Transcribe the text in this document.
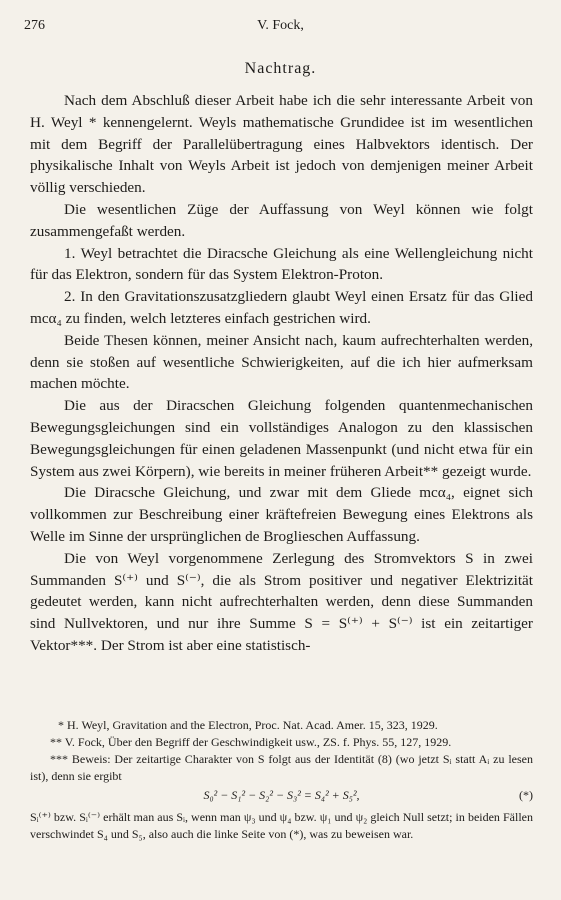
276	V. Fock,
Nachtrag.

Nach dem Abschluß dieser Arbeit habe ich die sehr interessante Arbeit von H. Weyl * kennengelernt. Weyls mathematische Grundidee ist im wesentlichen mit dem Begriff der Parallelübertragung eines Halbvektors identisch. Der physikalische Inhalt von Weyls Arbeit ist jedoch von demjenigen meiner Arbeit völlig verschieden.

Die wesentlichen Züge der Auffassung von Weyl können wie folgt zusammengefaßt werden.

1. Weyl betrachtet die Diracsche Gleichung als eine Wellengleichung nicht für das Elektron, sondern für das System Elektron-Proton.

2. In den Gravitationszusatzgliedern glaubt Weyl einen Ersatz für das Glied mcα₄ zu finden, welch letzteres einfach gestrichen wird.

Beide Thesen können, meiner Ansicht nach, kaum aufrechterhalten werden, denn sie stoßen auf wesentliche Schwierigkeiten, auf die ich hier aufmerksam machen möchte.

Die aus der Diracschen Gleichung folgenden quantenmechanischen Bewegungsgleichungen sind ein vollständiges Analogon zu den klassischen Bewegungsgleichungen für einen geladenen Massenpunkt (und nicht etwa für ein System aus zwei Körpern), wie bereits in meiner früheren Arbeit** gezeigt wurde.

Die Diracsche Gleichung, und zwar mit dem Gliede mcα₄, eignet sich vollkommen zur Beschreibung einer kräftefreien Bewegung eines Elektrons als Welle im Sinne der ursprünglichen de Broglieschen Auffassung.

Die von Weyl vorgenommene Zerlegung des Stromvektors S in zwei Summanden S⁽⁺⁾ und S⁽⁻⁾, die als Strom positiver und negativer Elektrizität gedeutet werden, kann nicht aufrechterhalten werden, denn diese Summanden sind Nullvektoren, und nur ihre Summe S = S⁽⁺⁾ + S⁽⁻⁾ ist ein zeitartiger Vektor***. Der Strom ist aber eine statistisch-

* H. Weyl, Gravitation and the Electron, Proc. Nat. Acad. Amer. 15, 323, 1929.

** V. Fock, Über den Begriff der Geschwindigkeit usw., ZS. f. Phys. 55, 127, 1929.

*** Beweis: Der zeitartige Charakter von S folgt aus der Identität (8) (wo jetzt Sᵢ statt Aᵢ zu lesen ist), denn sie ergibt

S₀² − S₁² − S₂² − S₃² = S₄² + S₅²,	(*)

Sᵢ⁽⁺⁾ bzw. Sᵢ⁽⁻⁾ erhält man aus Sᵢ, wenn man ψ₃ und ψ₄ bzw. ψ₁ und ψ₂ gleich Null setzt; in beiden Fällen verschwindet S₄ und S₅, also auch die linke Seite von (*), was zu beweisen war.
